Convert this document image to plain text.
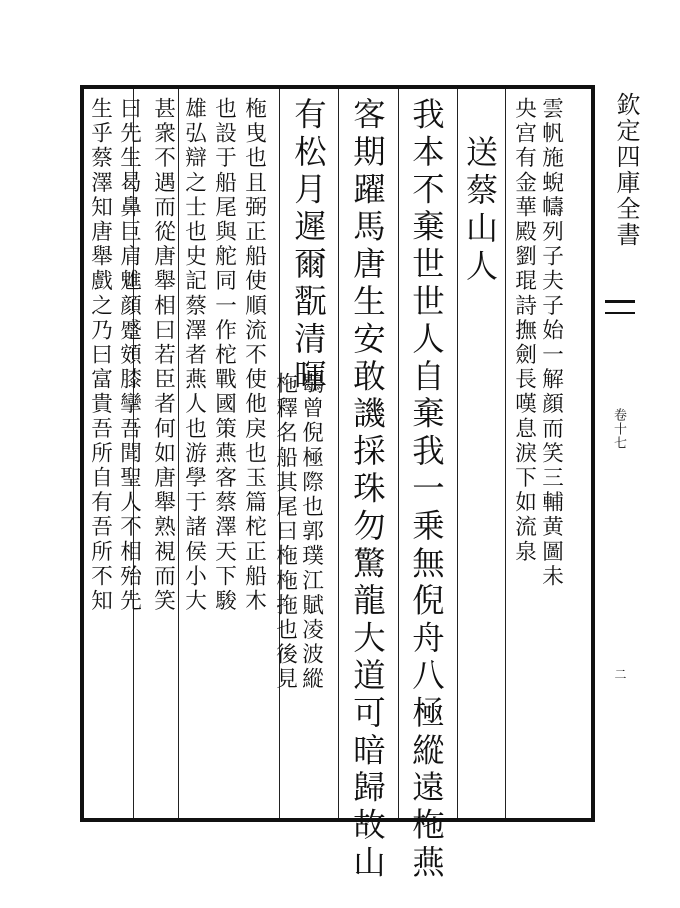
欽定四庫全書
卷十七
二
雲帆施蜺幬列子夫子始一解顔而笑三輔黄圖未
央宫有金華殿劉琨詩撫劍長嘆息淚下如流泉
送蔡山人
我本不棄世世人自棄我一乗無倪舟八極縱遠柂燕
客期躍馬唐生安敢譏採珠勿驚龍大道可暗歸故山
有松月遲爾翫清暉
鶡曾倪極際也郭璞江賦凌波縱
柂釋名船其尾曰柂柂拖也後見
柂曳也且弼正船使順流不使他戾也玉篇柁正船木
也設于船尾與舵同一作柁戰國策燕客蔡澤天下駿
雄弘辯之士也史記蔡澤者燕人也游學于諸侯小大
甚衆不遇而從唐舉相曰若臣者何如唐舉熟視而笑
曰先生曷鼻巨肩魋顔蹙頞膝攣吾聞聖人不相殆先
生乎蔡澤知唐舉戲之乃曰富貴吾所自有吾所不知
